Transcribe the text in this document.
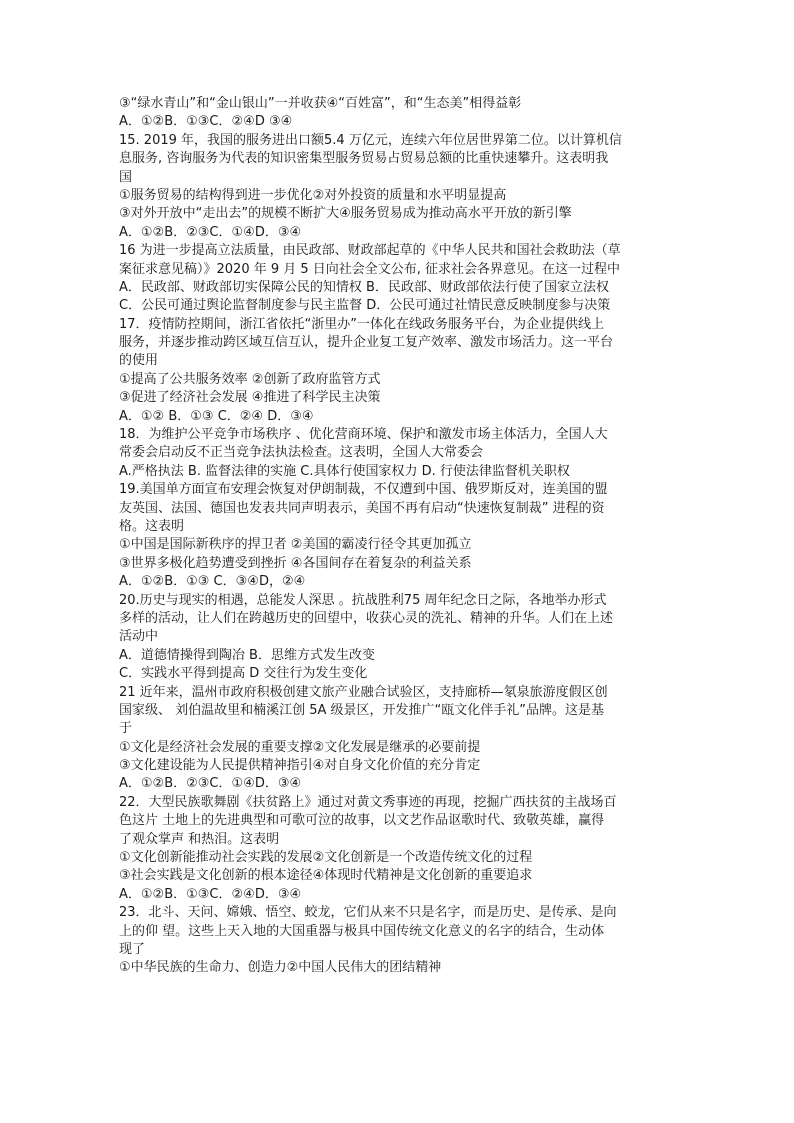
③“绿水青山”和“金山银山”一并收获④“百姓富”，和“生态美”相得益彰
A．①②B．①③C．②④D ③④
15. 2019 年，我国的服务进出口额5.4 万亿元，连续六年位居世界第二位。以计算机信
息服务, 咨询服务为代表的知识密集型服务贸易占贸易总额的比重快速攀升。这表明我
国
①服务贸易的结构得到进一步优化②对外投资的质量和水平明显提高
③对外开放中“走出去”的规模不断扩大④服务贸易成为推动高水平开放的新引擎
A．①②B．②③C．①④D．③④
16 为进一步提高立法质量，由民政部、财政部起草的《中华人民共和国社会救助法（草
案征求意见稿）》2020 年 9 月 5 日向社会全文公布, 征求社会各界意见。在这一过程中
A．民政部、财政部切实保障公民的知情权 B．民政部、财政部依法行使了国家立法权
C．公民可通过舆论监督制度参与民主监督 D．公民可通过社情民意反映制度参与决策
17．疫情防控期间，浙江省依托“浙里办”一体化在线政务服务平台，为企业提供线上
服务，并逐步推动跨区域互信互认，提升企业复工复产效率、激发市场活力。这一平台
的使用
①提高了公共服务效率 ②创新了政府监管方式
③促进了经济社会发展 ④推进了科学民主决策
A．①② B．①③ C．②④ D．③④
18．为维护公平竞争市场秩序 、优化营商环境、保护和激发市场主体活力，全国人大
常委会启动反不正当竞争法执法检查。这表明，全国人大常委会
A.严格执法 B. 监督法律的实施 C.具体行使国家权力 D. 行使法律监督机关职权
19.美国单方面宣布安理会恢复对伊朗制裁，不仅遭到中国、俄罗斯反对，连美国的盟
友英国、法国、德国也发表共同声明表示，美国不再有启动“快速恢复制裁” 进程的资
格。这表明
①中国是国际新秩序的捍卫者 ②美国的霸凌行径令其更加孤立
③世界多极化趋势遭受到挫折 ④各国间存在着复杂的利益关系
A．①②B．①③ C．③④D，②④
20.历史与现实的相遇，总能发人深思 。抗战胜利75 周年纪念日之际，各地举办形式
多样的活动，让人们在跨越历史的回望中，收获心灵的洗礼、精神的升华。人们在上述
活动中
A．道德情操得到陶冶 B．思维方式发生改变
C．实践水平得到提高 D 交往行为发生变化
21 近年来，温州市政府积极创建文旅产业融合试验区，支持廊桥—氡泉旅游度假区创
国家级、 刘伯温故里和楠溪江创 5A 级景区，开发推广“瓯文化伴手礼”品牌。这是基
于
①文化是经济社会发展的重要支撑②文化发展是继承的必要前提
③文化建设能为人民提供精神指引④对自身文化价值的充分肯定
A．①②B．②③C．①④D．③④
22．大型民族歌舞剧《扶贫路上》通过对黄文秀事迹的再现，挖掘广西扶贫的主战场百
色这片 土地上的先进典型和可歌可泣的故事，以文艺作品讴歌时代、致敬英雄，赢得
了观众掌声 和热泪。这表明
①文化创新能推动社会实践的发展②文化创新是一个改造传统文化的过程
③社会实践是文化创新的根本途径④体现时代精神是文化创新的重要追求
A．①②B．①③C．②④D．③④
23．北斗、天问、嫦娥、悟空、蛟龙，它们从来不只是名字，而是历史、是传承、是向
上的仰 望。这些上天入地的大国重器与极具中国传统文化意义的名字的结合，生动体
现了
①中华民族的生命力、创造力②中国人民伟大的团结精神
